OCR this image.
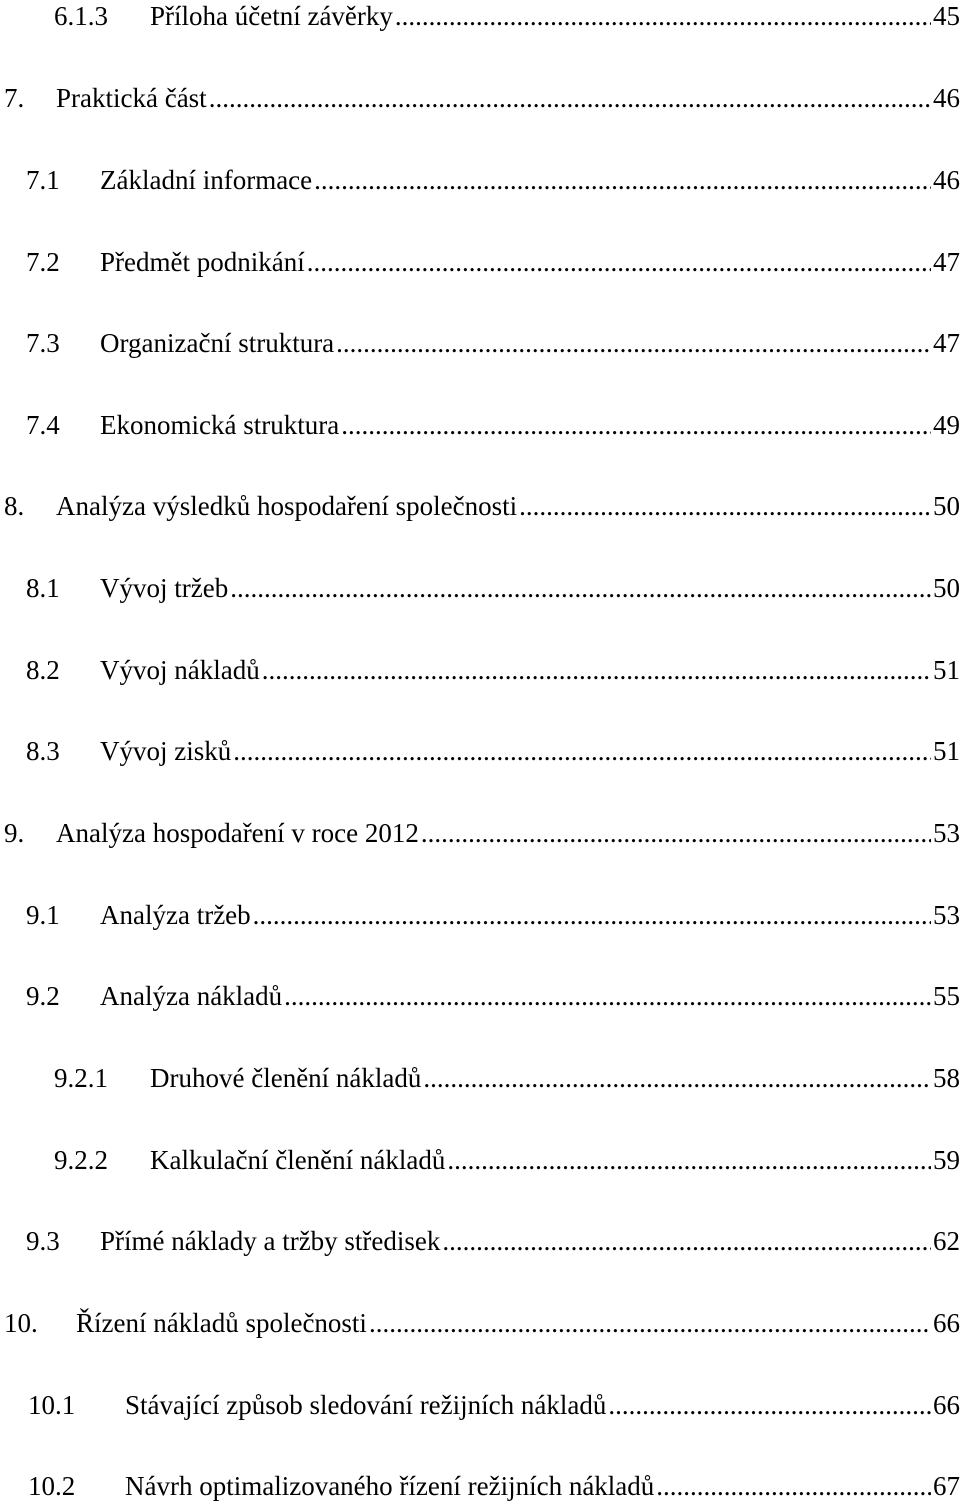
6.1.3	Příloha účetní závěrky .....	45
7.	Praktická část .....	46
7.1	Základní informace .....	46
7.2	Předmět podnikání .....	47
7.3	Organizační struktura .....	47
7.4	Ekonomická struktura .....	49
8.	Analýza výsledků hospodaření společnosti .....	50
8.1	Vývoj tržeb .....	50
8.2	Vývoj nákladů .....	51
8.3	Vývoj zisků .....	51
9.	Analýza hospodaření v roce 2012 .....	53
9.1	Analýza tržeb .....	53
9.2	Analýza nákladů .....	55
9.2.1	Druhové členění nákladů .....	58
9.2.2	Kalkulační členění nákladů .....	59
9.3	Přímé náklady a tržby středisek .....	62
10.	Řízení nákladů společnosti .....	66
10.1	Stávající způsob sledování režijních nákladů .....	66
10.2	Návrh optimalizovaného řízení režijních nákladů .....	67
